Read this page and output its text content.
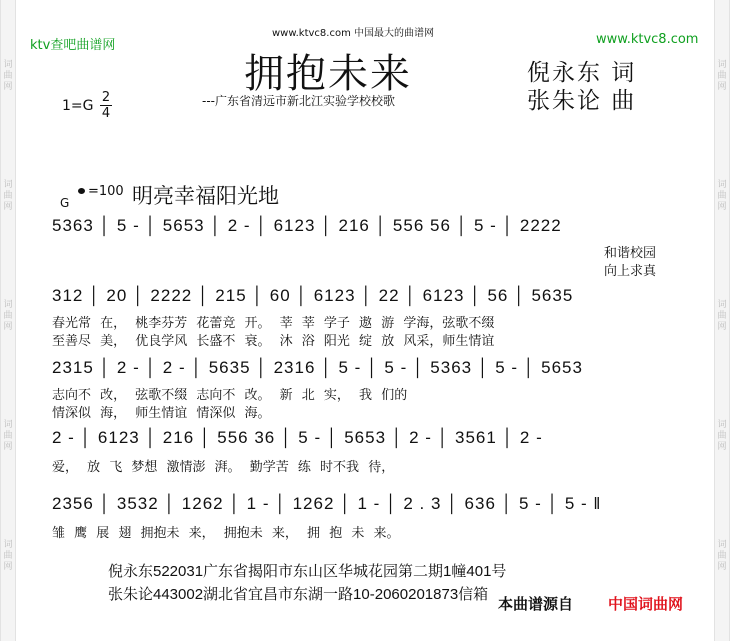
词曲网
词曲网
词曲网
词曲网
词曲网
词曲网
词曲网
词曲网
词曲网
词曲网
ktv查吧曲谱网
www.ktvc8.com 中国最大的曲谱网	www.ktvc8.com
拥抱未来
---广东省清远市新北江实验学校校歌
倪永东 词
张朱论 曲
$1=G \frac{2}{4}$
G
=100 明亮幸福阳光地
5363 │ 5 - │ 5653 │ 2 - │ 6123 │ 216 │ 556 56 │ 5 - │ 2222
和谐校园
向上求真
312 │ 20 │ 2222 │ 215 │ 60 │ 6123 │ 22 │ 6123 │ 56 │ 5635
春光常 在， 桃李芬芳 花蕾竞 开。 莘 莘 学子 遨 游 学海，弦歌不缀
至善尽 美， 优良学风 长盛不 衰。 沐 浴 阳光 绽 放 风采，师生情谊
2315 │ 2 - │ 2 - │ 5635 │ 2316 │ 5 - │ 5 - │ 5363 │ 5 - │ 5653
志向不 改， 弦歌不缀 志向不 改。 新 北 实， 我 们的
情深似 海， 师生情谊 情深似 海。
2 - │ 6123 │ 216 │ 556 36 │ 5 - │ 5653 │ 2 - │ 3561 │ 2 -
爱， 放 飞 梦想 激情澎 湃。 勤学苦 练 时不我 待，
2356 │ 3532 │ 1262 │ 1 - │ 1262 │ 1 - │ 2 . 3 │ 636 │ 5 - │ 5 - ‖
雏 鹰 展 翅 拥抱未 来， 拥抱未 来， 拥 抱 未 来。
倪永东522031广东省揭阳市东山区华城花园第二期1幢401号
张朱论443002湖北省宜昌市东湖一路10-2060201873信箱
本曲谱源自 中国词曲网
